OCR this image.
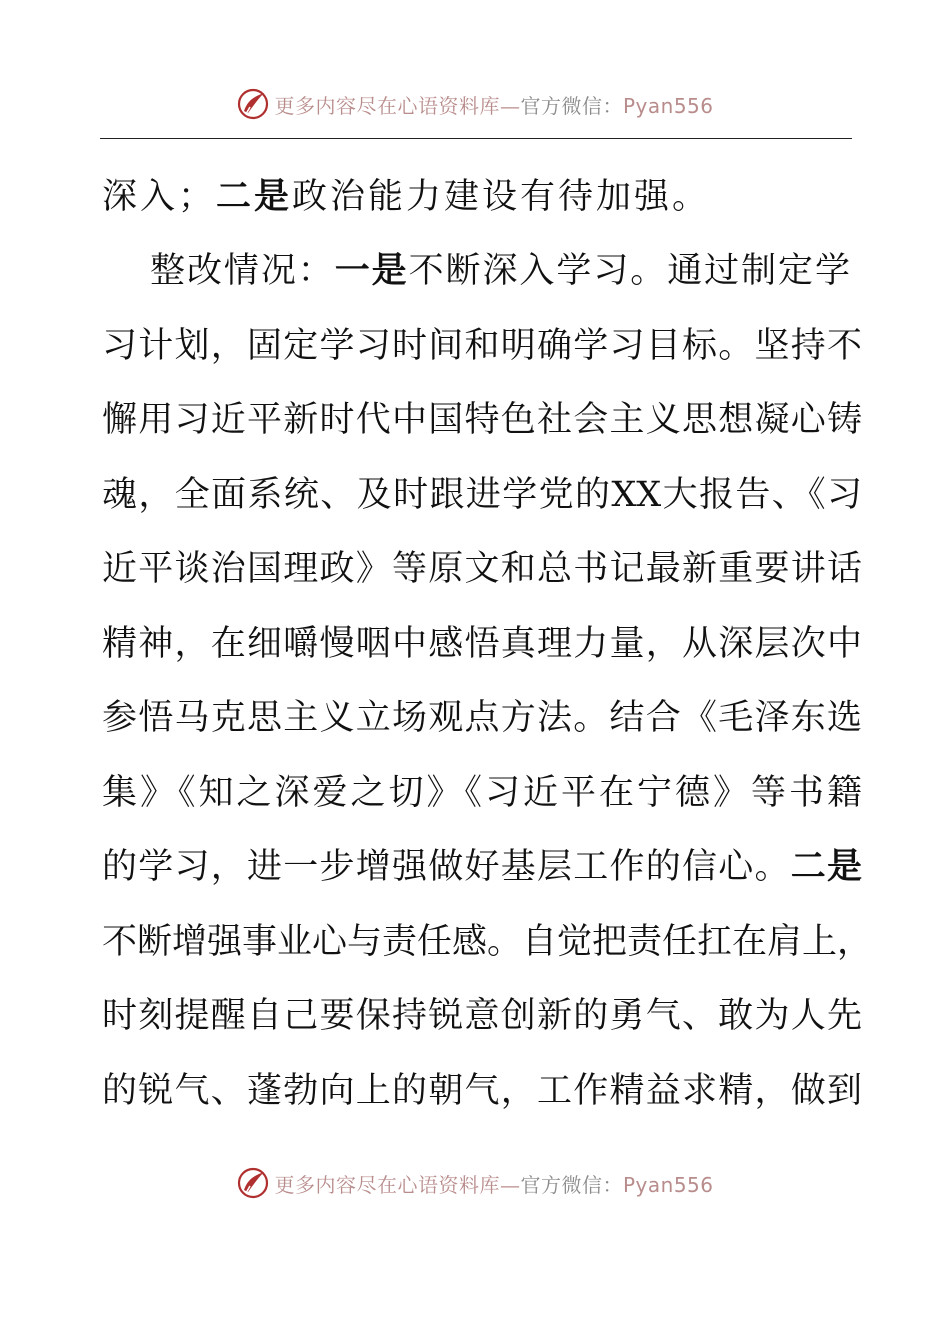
更多内容尽在心语资料库—官方微信：Pyan556
深入；二是政治能力建设有待加强。
整改情况：一是不断深入学习。通过制定学
习计划，固定学习时间和明确学习目标。坚持不
懈用习近平新时代中国特色社会主义思想凝心铸
魂，全面系统、及时跟进学党的XX大报告、《习
近平谈治国理政》等原文和总书记最新重要讲话
精神，在细嚼慢咽中感悟真理力量，从深层次中
参悟马克思主义立场观点方法。结合《毛泽东选
集》《知之深爱之切》《习近平在宁德》等书籍
的学习，进一步增强做好基层工作的信心。二是
不断增强事业心与责任感。自觉把责任扛在肩上，
时刻提醒自己要保持锐意创新的勇气、敢为人先
的锐气、蓬勃向上的朝气，工作精益求精，做到
更多内容尽在心语资料库—官方微信：Pyan556
